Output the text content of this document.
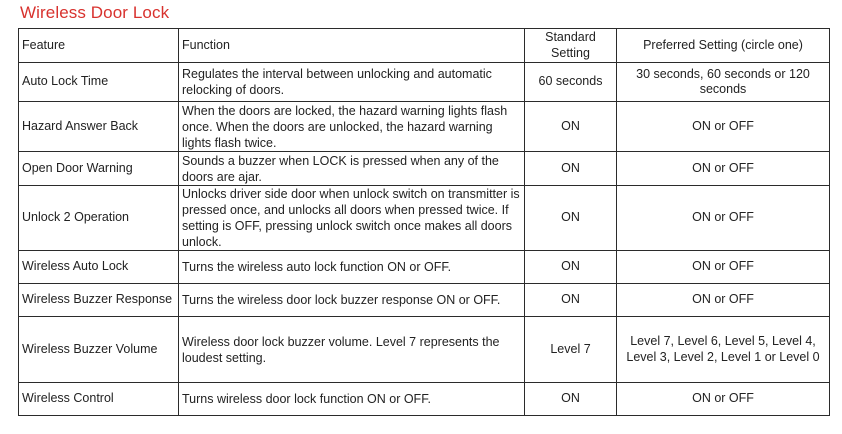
Wireless Door Lock
Feature	Function	Standard Setting	Preferred Setting (circle one)
Auto Lock Time	Regulates the interval between unlocking and automatic relocking of doors.	60 seconds	30 seconds, 60 seconds or 120 seconds
Hazard Answer Back	When the doors are locked, the hazard warning lights flash once. When the doors are unlocked, the hazard warning lights flash twice.	ON	ON or OFF
Open Door Warning	Sounds a buzzer when LOCK is pressed when any of the doors are ajar.	ON	ON or OFF
Unlock 2 Operation	Unlocks driver side door when unlock switch on transmitter is pressed once, and unlocks all doors when pressed twice. If setting is OFF, pressing unlock switch once makes all doors unlock.	ON	ON or OFF
Wireless Auto Lock	Turns the wireless auto lock function ON or OFF.	ON	ON or OFF
Wireless Buzzer Response	Turns the wireless door lock buzzer response ON or OFF.	ON	ON or OFF
Wireless Buzzer Volume	Wireless door lock buzzer volume. Level 7 represents the loudest setting.	Level 7	Level 7, Level 6, Level 5, Level 4, Level 3, Level 2, Level 1 or Level 0
Wireless Control	Turns wireless door lock function ON or OFF.	ON	ON or OFF
